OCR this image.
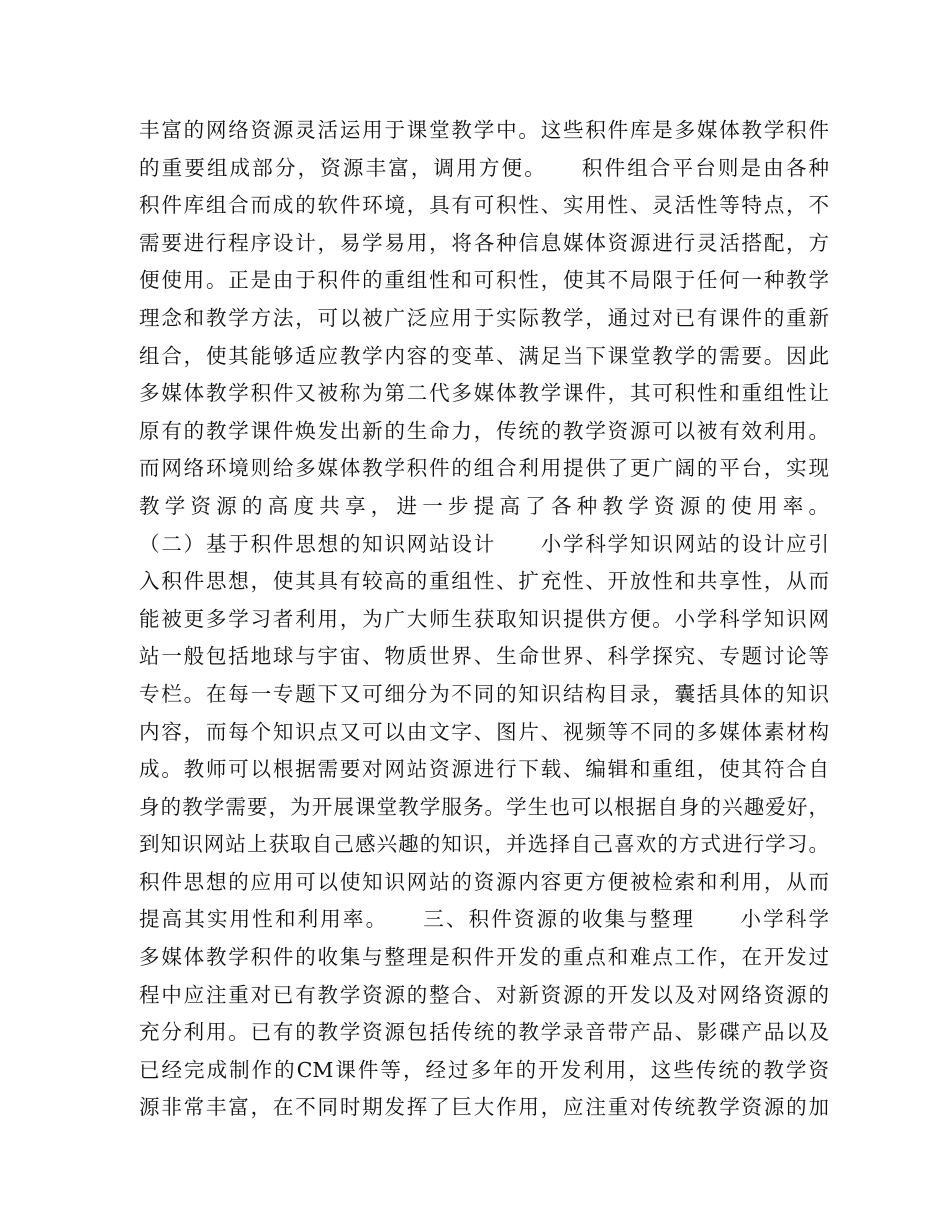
丰富的网络资源灵活运用于课堂教学中。这些积件库是多媒体教学积件
的重要组成部分，资源丰富，调用方便。　　积件组合平台则是由各种
积件库组合而成的软件环境，具有可积性、实用性、灵活性等特点，不
需要进行程序设计，易学易用，将各种信息媒体资源进行灵活搭配，方
便使用。正是由于积件的重组性和可积性，使其不局限于任何一种教学
理念和教学方法，可以被广泛应用于实际教学，通过对已有课件的重新
组合，使其能够适应教学内容的变革、满足当下课堂教学的需要。因此
多媒体教学积件又被称为第二代多媒体教学课件，其可积性和重组性让
原有的教学课件焕发出新的生命力，传统的教学资源可以被有效利用。
而网络环境则给多媒体教学积件的组合利用提供了更广阔的平台，实现
教学资源的高度共享，进一步提高了各种教学资源的使用率。
（二）基于积件思想的知识网站设计　　小学科学知识网站的设计应引
入积件思想，使其具有较高的重组性、扩充性、开放性和共享性，从而
能被更多学习者利用，为广大师生获取知识提供方便。小学科学知识网
站一般包括地球与宇宙、物质世界、生命世界、科学探究、专题讨论等
专栏。在每一专题下又可细分为不同的知识结构目录，囊括具体的知识
内容，而每个知识点又可以由文字、图片、视频等不同的多媒体素材构
成。教师可以根据需要对网站资源进行下载、编辑和重组，使其符合自
身的教学需要，为开展课堂教学服务。学生也可以根据自身的兴趣爱好，
到知识网站上获取自己感兴趣的知识，并选择自己喜欢的方式进行学习。
积件思想的应用可以使知识网站的资源内容更方便被检索和利用，从而
提高其实用性和利用率。　　三、积件资源的收集与整理　　小学科学
多媒体教学积件的收集与整理是积件开发的重点和难点工作，在开发过
程中应注重对已有教学资源的整合、对新资源的开发以及对网络资源的
充分利用。已有的教学资源包括传统的教学录音带产品、影碟产品以及
已经完成制作的CM课件等，经过多年的开发利用，这些传统的教学资
源非常丰富，在不同时期发挥了巨大作用，应注重对传统教学资源的加
